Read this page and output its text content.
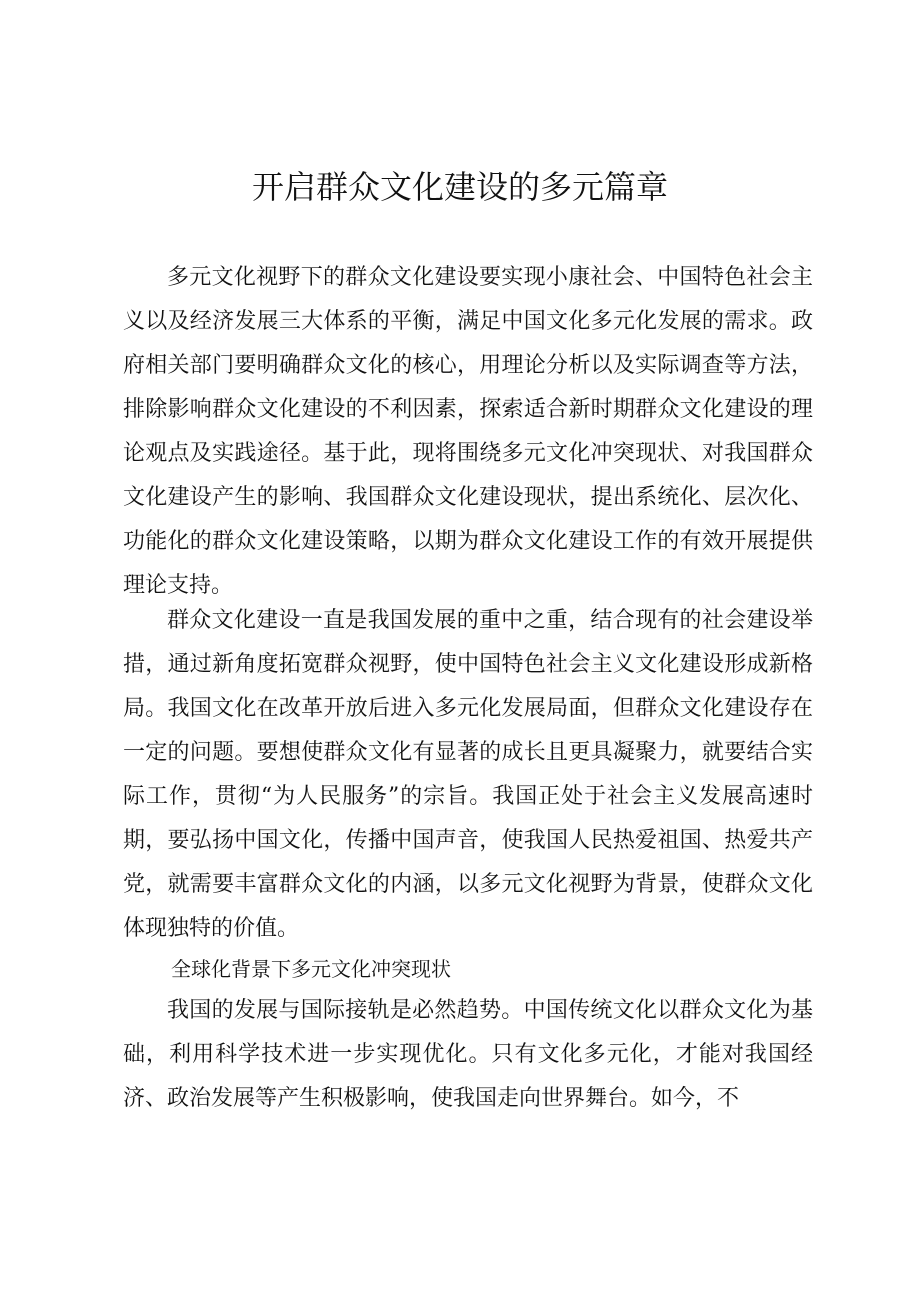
开启群众文化建设的多元篇章

多元文化视野下的群众文化建设要实现小康社会、中国特色社会主义以及经济发展三大体系的平衡，满足中国文化多元化发展的需求。政府相关部门要明确群众文化的核心，用理论分析以及实际调查等方法，排除影响群众文化建设的不利因素，探索适合新时期群众文化建设的理论观点及实践途径。基于此，现将围绕多元文化冲突现状、对我国群众文化建设产生的影响、我国群众文化建设现状，提出系统化、层次化、功能化的群众文化建设策略，以期为群众文化建设工作的有效开展提供理论支持。

群众文化建设一直是我国发展的重中之重，结合现有的社会建设举措，通过新角度拓宽群众视野，使中国特色社会主义文化建设形成新格局。我国文化在改革开放后进入多元化发展局面，但群众文化建设存在一定的问题。要想使群众文化有显著的成长且更具凝聚力，就要结合实际工作，贯彻“为人民服务”的宗旨。我国正处于社会主义发展高速时期，要弘扬中国文化，传播中国声音，使我国人民热爱祖国、热爱共产党，就需要丰富群众文化的内涵，以多元文化视野为背景，使群众文化体现独特的价值。

全球化背景下多元文化冲突现状

我国的发展与国际接轨是必然趋势。中国传统文化以群众文化为基础，利用科学技术进一步实现优化。只有文化多元化，才能对我国经济、政治发展等产生积极影响，使我国走向世界舞台。如今，不
